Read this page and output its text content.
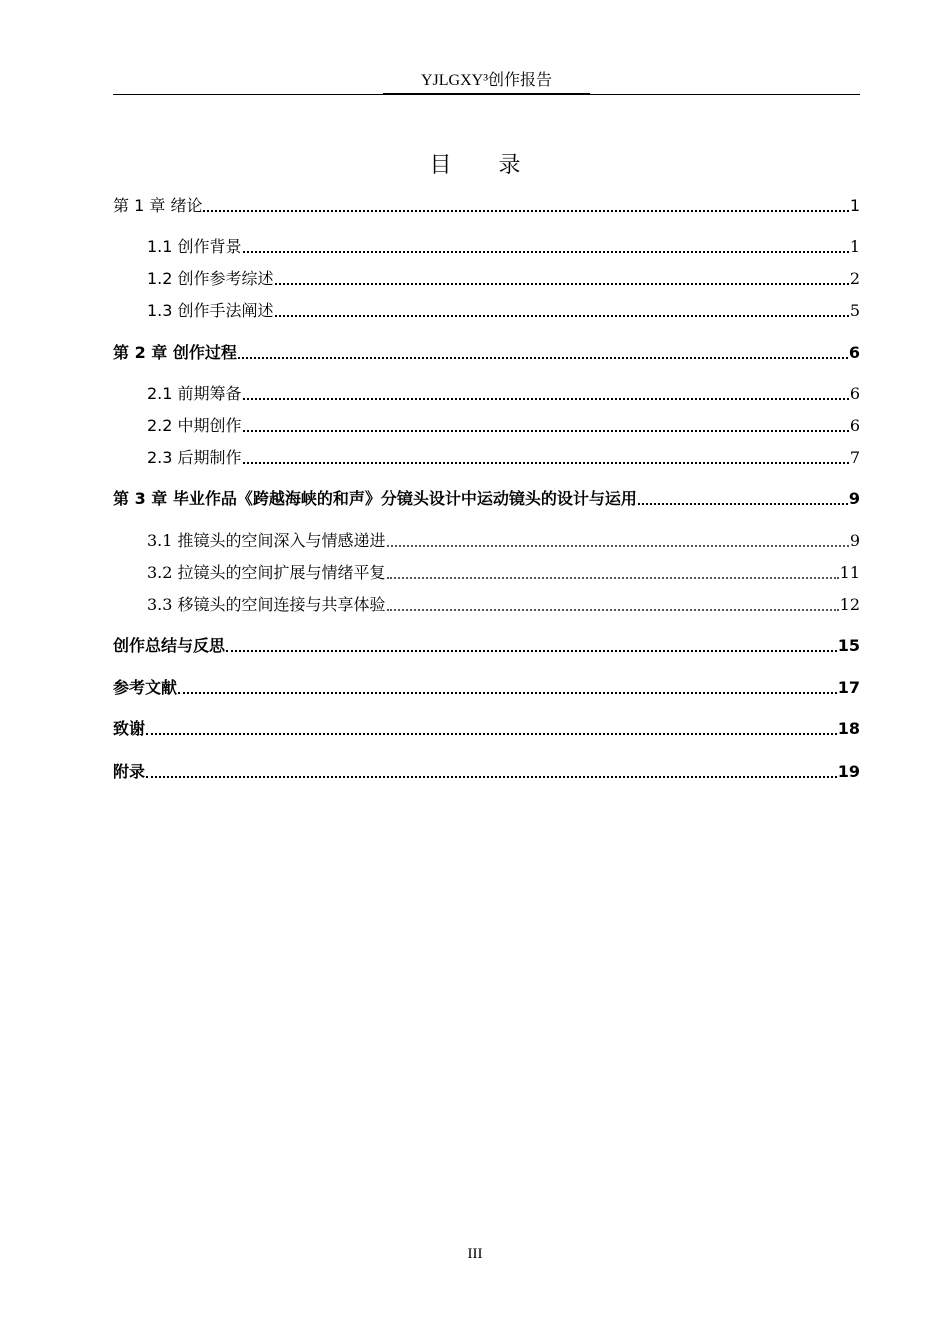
YJLGXY³创作报告
目 录
第 1 章 绪论	1
1.1 创作背景	1
1.2 创作参考综述	2
1.3 创作手法阐述	5
第 2 章 创作过程	6
2.1 前期筹备	6
2.2 中期创作	6
2.3 后期制作	7
第 3 章 毕业作品《跨越海峡的和声》分镜头设计中运动镜头的设计与运用	9
3.1 推镜头的空间深入与情感递进	9
3.2 拉镜头的空间扩展与情绪平复	11
3.3 移镜头的空间连接与共享体验	12
创作总结与反思	15
参考文献	17
致谢	18
附录	19
III
